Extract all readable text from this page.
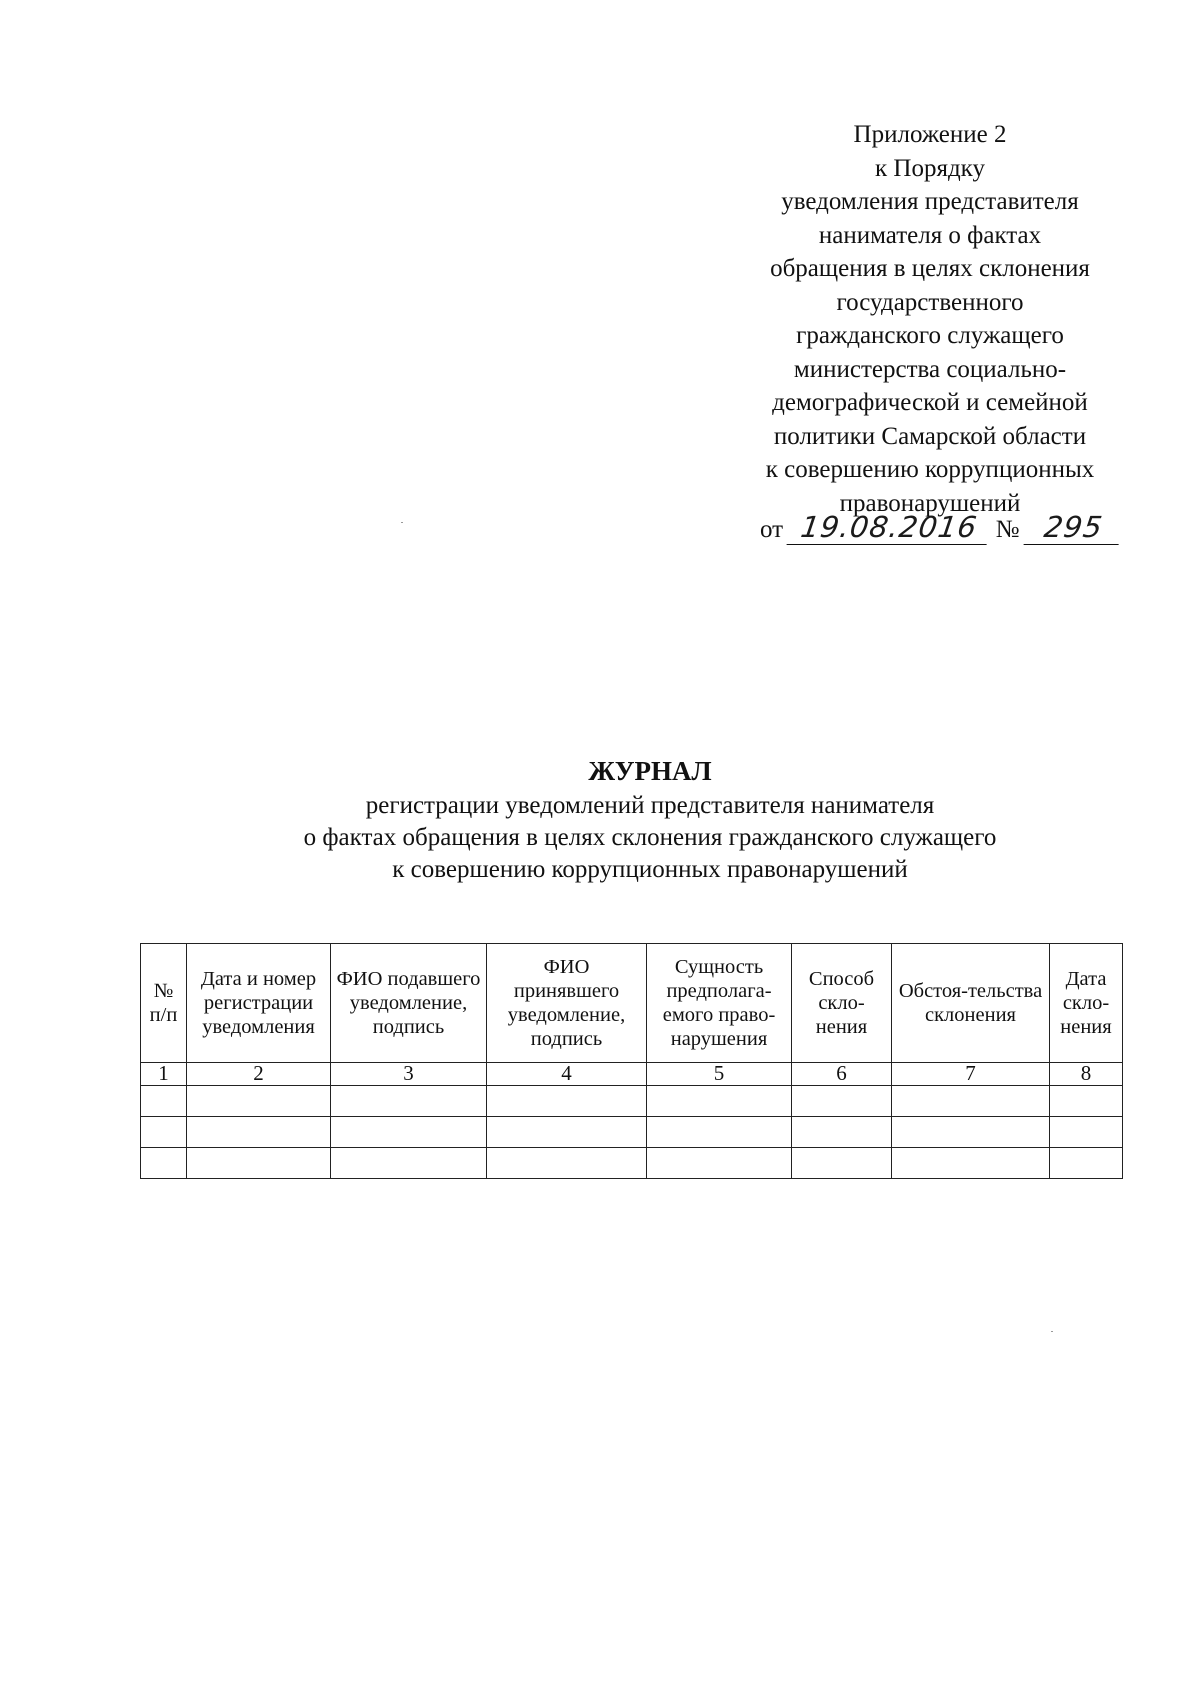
Приложение 2
к Порядку
уведомления представителя
нанимателя о фактах
обращения в целях склонения
государственного
гражданского служащего
министерства социально-
демографической и семейной
политики Самарской области
к совершению коррупционных
правонарушений
от 19.08.2016 № 295
ЖУРНАЛ
регистрации уведомлений представителя нанимателя
о фактах обращения в целях склонения гражданского служащего
к совершению коррупционных правонарушений
№ п/п	Дата и номер регистрации уведомления	ФИО подавшего уведомление, подпись	ФИО принявшего уведомление, подпись	Сущность предполага-емого право-нарушения	Способ скло-нения	Обстоя-тельства склонения	Дата скло-нения
1	2	3	4	5	6	7	8
